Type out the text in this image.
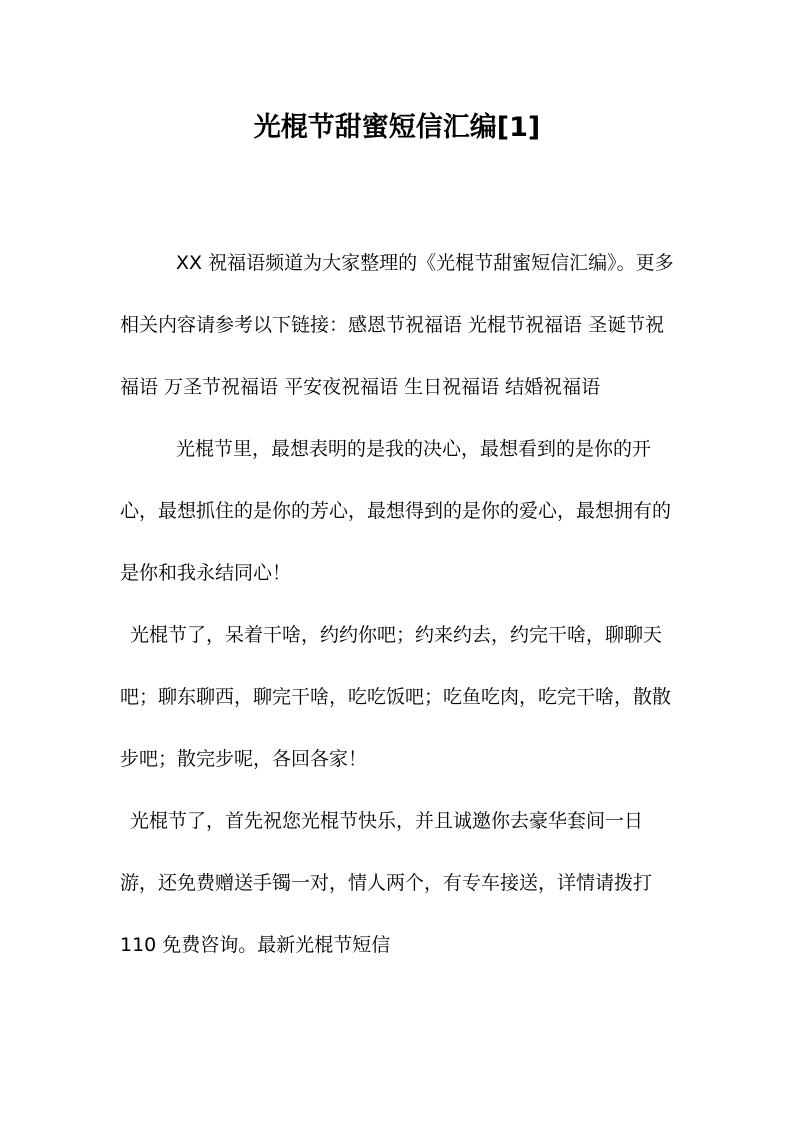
光棍节甜蜜短信汇编[1]

XX 祝福语频道为大家整理的《光棍节甜蜜短信汇编》。更多相关内容请参考以下链接：感恩节祝福语 光棍节祝福语 圣诞节祝福语 万圣节祝福语 平安夜祝福语 生日祝福语 结婚祝福语

光棍节里，最想表明的是我的决心，最想看到的是你的开心，最想抓住的是你的芳心，最想得到的是你的爱心，最想拥有的是你和我永结同心！

光棍节了，呆着干啥，约约你吧；约来约去，约完干啥，聊聊天吧；聊东聊西，聊完干啥，吃吃饭吧；吃鱼吃肉，吃完干啥，散散步吧；散完步呢，各回各家！

光棍节了，首先祝您光棍节快乐，并且诚邀你去豪华套间一日游，还免费赠送手镯一对，情人两个，有专车接送，详情请拨打 110 免费咨询。最新光棍节短信
